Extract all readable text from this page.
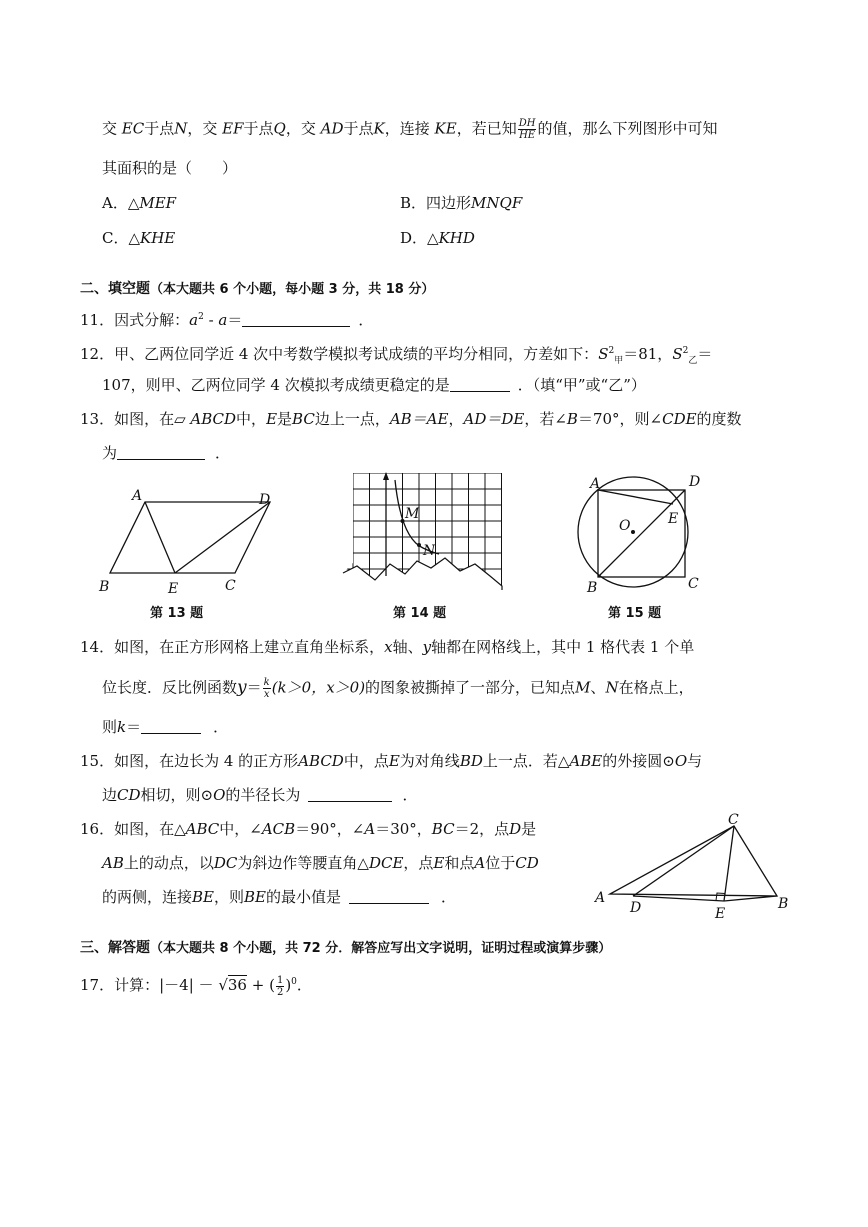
交 EC于点N，交 EF于点Q，交 AD于点K，连接 KE，若已知 $\frac{DH}{HE}$ 的值，那么下列图形中可知
其面积的是（　　）
A．△MEF	B．四边形MNQF
C．△KHE	D．△KHD
二、填空题（本大题共 6 个小题，每小题 3 分，共 18 分）
11．因式分解：$a^2 - a=$	．
12．甲、乙两位同学近 4 次中考数学模拟考试成绩的平均分相同，方差如下：$S^2_甲=81$，$S^2_乙=$
107，则甲、乙两位同学 4 次模拟考成绩更稳定的是	．（填“甲”或“乙”）
13．如图，在▱ ABCD中，E是BC边上一点，AB＝AE，AD＝DE，若∠B＝70°，则∠CDE的度数
为	．
A	D
B	E	C
第 13 题
M
N
第 14 题
A	D
O	E
B	C
第 15 题
14．如图，在正方形网格上建立直角坐标系，x轴、y轴都在网格线上，其中 1 格代表 1 个单
位长度．反比例函数$y= \frac{k}{x} (k>0$，x＞0)的图象被撕掉了一部分，已知点M、N在格点上，
则k＝	．
15．如图，在边长为 4 的正方形ABCD中，点E为对角线BD上一点．若△ABE的外接圆⊙O与
边CD相切，则⊙O的半径长为	．
16．如图，在△ABC中，∠ACB＝90°，∠A＝30°，BC＝2，点D是
AB上的动点，以DC为斜边作等腰直角△DCE，点E和点A位于CD
的两侧，连接BE，则BE的最小值是	．
C
A
D	E
B
三、解答题（本大题共 8 个小题，共 72 分．解答应写出文字说明，证明过程或演算步骤）
17．计算：|－4| － √36 + ( $\frac{1}{2} )^0$．
